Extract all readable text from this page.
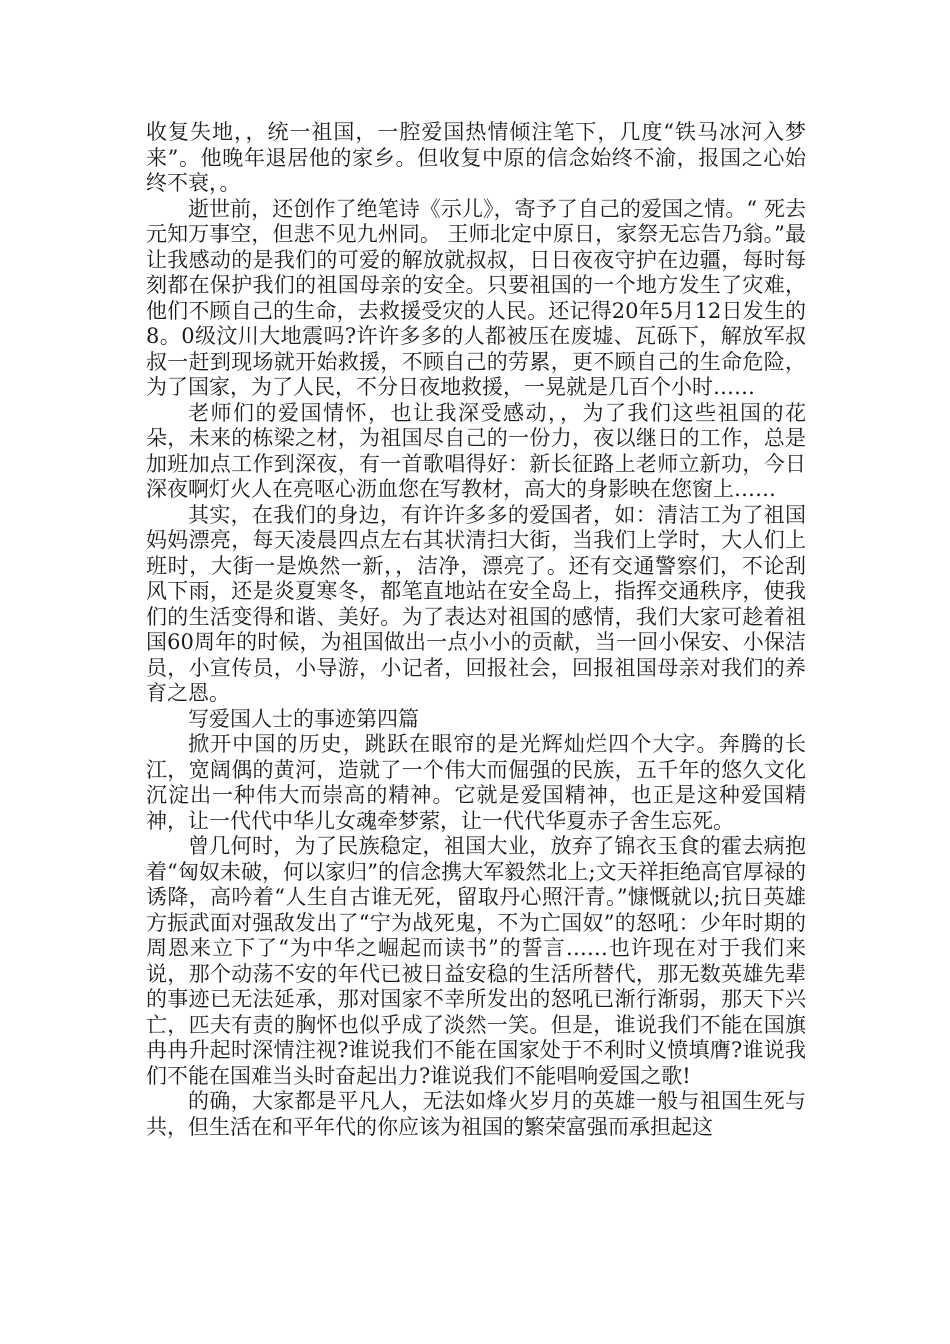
收复失地，，统一祖国，一腔爱国热情倾注笔下，几度“铁马冰河入梦来”。他晚年退居他的家乡。但收复中原的信念始终不渝，报国之心始终不衰，。

逝世前，还创作了绝笔诗《示儿》，寄予了自己的爱国之情。“ 死去元知万事空，但悲不见九州同。 王师北定中原日，家祭无忘告乃翁。”最让我感动的是我们的可爱的解放就叔叔，日日夜夜守护在边疆，每时每刻都在保护我们的祖国母亲的安全。只要祖国的一个地方发生了灾难，他们不顾自己的生命，去救援受灾的人民。还记得20年5月12日发生的8。0级汶川大地震吗?许许多多的人都被压在废墟、瓦砾下，解放军叔叔一赶到现场就开始救援，不顾自己的劳累，更不顾自己的生命危险，为了国家，为了人民，不分日夜地救援，一晃就是几百个小时……

老师们的爱国情怀，也让我深受感动，，为了我们这些祖国的花朵，未来的栋梁之材，为祖国尽自己的一份力，夜以继日的工作，总是加班加点工作到深夜，有一首歌唱得好：新长征路上老师立新功，今日深夜啊灯火人在亮呕心沥血您在写教材，高大的身影映在您窗上……

其实，在我们的身边，有许许多多的爱国者，如：清洁工为了祖国妈妈漂亮，每天凌晨四点左右其状清扫大街，当我们上学时，大人们上班时，大街一是焕然一新，，洁净，漂亮了。还有交通警察们，不论刮风下雨，还是炎夏寒冬，都笔直地站在安全岛上，指挥交通秩序，使我们的生活变得和谐、美好。为了表达对祖国的感情，我们大家可趁着祖国60周年的时候，为祖国做出一点小小的贡献，当一回小保安、小保洁员，小宣传员，小导游，小记者，回报社会，回报祖国母亲对我们的养育之恩。

写爱国人士的事迹第四篇

掀开中国的历史，跳跃在眼帘的是光辉灿烂四个大字。奔腾的长江，宽阔偶的黄河，造就了一个伟大而倔强的民族，五千年的悠久文化沉淀出一种伟大而崇高的精神。它就是爱国精神，也正是这种爱国精神，让一代代中华儿女魂牵梦萦，让一代代华夏赤子舍生忘死。

曾几何时，为了民族稳定，祖国大业，放弃了锦衣玉食的霍去病抱着“匈奴未破，何以家归”的信念携大军毅然北上;文天祥拒绝高官厚禄的诱降，高吟着“人生自古谁无死，留取丹心照汗青。”慷慨就以;抗日英雄方振武面对强敌发出了“宁为战死鬼，不为亡国奴”的怒吼：少年时期的周恩来立下了“为中华之崛起而读书”的誓言……也许现在对于我们来说，那个动荡不安的年代已被日益安稳的生活所替代，那无数英雄先辈的事迹已无法延承，那对国家不幸所发出的怒吼已渐行渐弱，那天下兴亡，匹夫有责的胸怀也似乎成了淡然一笑。但是，谁说我们不能在国旗冉冉升起时深情注视?谁说我们不能在国家处于不利时义愤填膺?谁说我们不能在国难当头时奋起出力?谁说我们不能唱响爱国之歌!

的确，大家都是平凡人，无法如烽火岁月的英雄一般与祖国生死与共，但生活在和平年代的你应该为祖国的繁荣富强而承担起这
